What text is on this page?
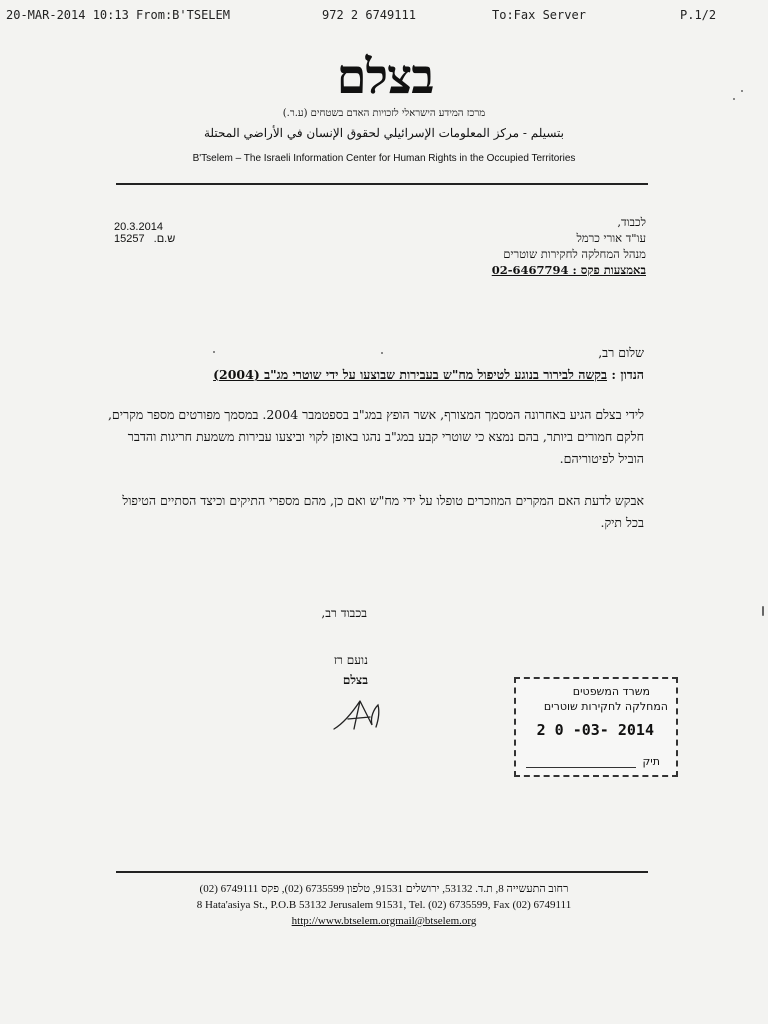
20-MAR-2014 10:13 From:B'TSELEM	972 2 6749111	To:Fax Server	P.1/2
בצלם
מרכז המידע הישראלי לזכויות האדם בשטחים (ע.ר.)
بتسيلم - مركز المعلومات الإسرائيلي لحقوق الإنسان في الأراضي المحتلة
B'Tselem – The Israeli Information Center for Human Rights in the Occupied Territories
לכבוד,
עו"ד אורי כרמל
מנהל המחלקה לחקירות שוטרים
באמצעות פקס : 02-6467794
20.3.2014
15257 ש.ם.
שלום רב,
הנדון : בקשה לבירור בנוגע לטיפול מח"ש בעבירות שבוצעו על ידי שוטרי מג"ב (2004)
לידי בצלם הגיע באחרונה המסמך המצורף, אשר הופץ במג"ב בספטמבר 2004. במסמך מפורטים מספר מקרים, חלקם חמורים ביותר, בהם נמצא כי שוטרי קבע במג"ב נהגו באופן לקוי וביצעו עבירות משמעת חריגות והדבר הוביל לפיטוריהם.
אבקש לדעת האם המקרים המוזכרים טופלו על ידי מח"ש ואם כן, מהם מספרי התיקים וכיצד הסתיים הטיפול בכל תיק.
בכבוד רב,
נועם רז
בצלם
משרד המשפטים
המחלקה לחקירות שוטרים
2 0 -03- 2014
תיק
רחוב התעשייה 8, ת.ד. 53132, ירושלים 91531, טלפון 6735599 (02), פקס 6749111 (02)
8 Hata'asiya St., P.O.B 53132 Jerusalem 91531, Tel. (02) 6735599, Fax (02) 6749111
http://www.btselem.orgmail@btselem.org
